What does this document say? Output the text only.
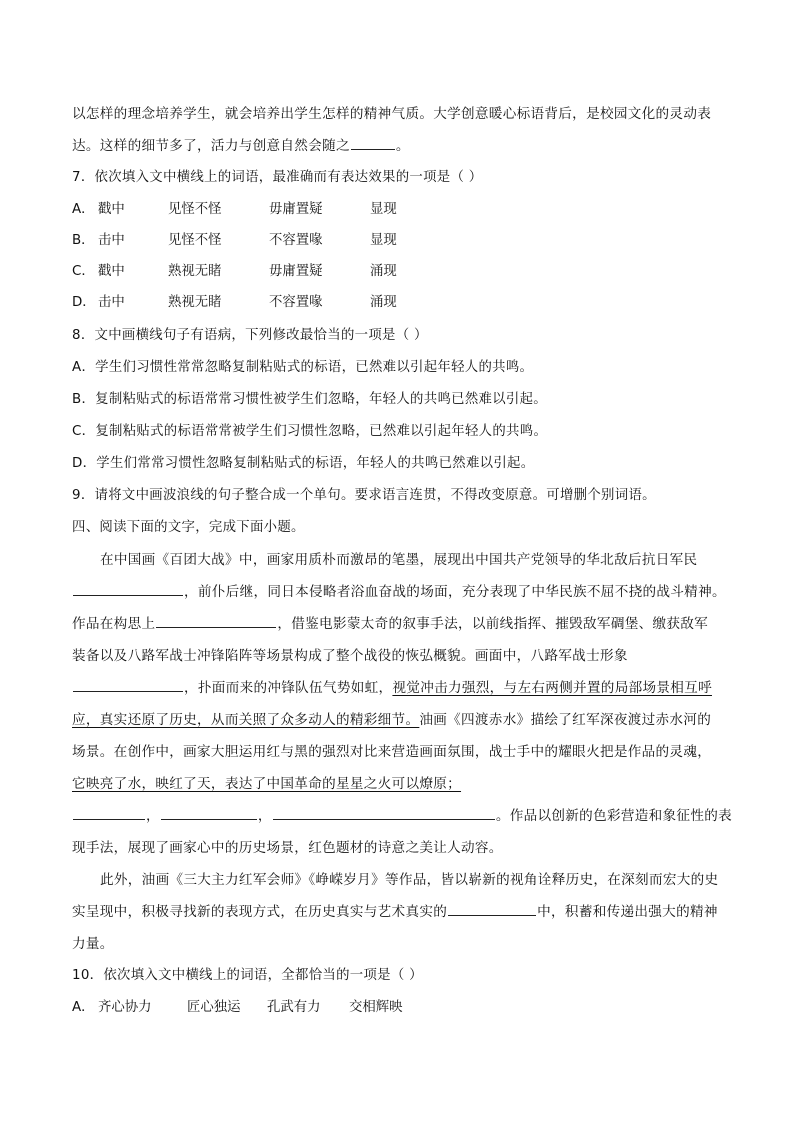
以怎样的理念培养学生，就会培养出学生怎样的精神气质。大学创意暖心标语背后，是校园文化的灵动表
达。这样的细节多了，活力与创意自然会随之	。
7．依次填入文中横线上的词语，最准确而有表达效果的一项是（ ）
A． 戳中	见怪不怪	毋庸置疑	显现
B． 击中	见怪不怪	不容置喙	显现
C． 戳中	熟视无睹	毋庸置疑	涌现
D． 击中	熟视无睹	不容置喙	涌现
8．文中画横线句子有语病，下列修改最恰当的一项是（ ）
A．学生们习惯性常常忽略复制粘贴式的标语，已然难以引起年轻人的共鸣。
B．复制粘贴式的标语常常习惯性被学生们忽略，年轻人的共鸣已然难以引起。
C．复制粘贴式的标语常常被学生们习惯性忽略，已然难以引起年轻人的共鸣。
D．学生们常常习惯性忽略复制粘贴式的标语，年轻人的共鸣已然难以引起。
9．请将文中画波浪线的句子整合成一个单句。要求语言连贯，不得改变原意。可增删个别词语。
四、阅读下面的文字，完成下面小题。
在中国画《百团大战》中，画家用质朴而激昂的笔墨，展现出中国共产党领导的华北敌后抗日军民
，前仆后继，同日本侵略者浴血奋战的场面，充分表现了中华民族不屈不挠的战斗精神。
作品在构思上	，借鉴电影蒙太奇的叙事手法，以前线指挥、摧毁敌军碉堡、缴获敌军
装备以及八路军战士冲锋陷阵等场景构成了整个战役的恢弘概貌。画面中，八路军战士形象
，扑面而来的冲锋队伍气势如虹，视觉冲击力强烈，与左右两侧并置的局部场景相互呼
应，真实还原了历史，从而关照了众多动人的精彩细节。油画《四渡赤水》描绘了红军深夜渡过赤水河的
场景。在创作中，画家大胆运用红与黑的强烈对比来营造画面氛围，战士手中的耀眼火把是作品的灵魂，
它映亮了水，映红了天，表达了中国革命的星星之火可以燎原；
，	，	。作品以创新的色彩营造和象征性的表
现手法，展现了画家心中的历史场景，红色题材的诗意之美让人动容。
此外，油画《三大主力红军会师》《峥嵘岁月》等作品，皆以崭新的视角诠释历史，在深刻而宏大的史
实呈现中，积极寻找新的表现方式，在历史真实与艺术真实的	中，积蓄和传递出强大的精神
力量。
10．依次填入文中横线上的词语，全都恰当的一项是（ ）
A． 齐心协力	匠心独运 孔武有力 交相辉映
